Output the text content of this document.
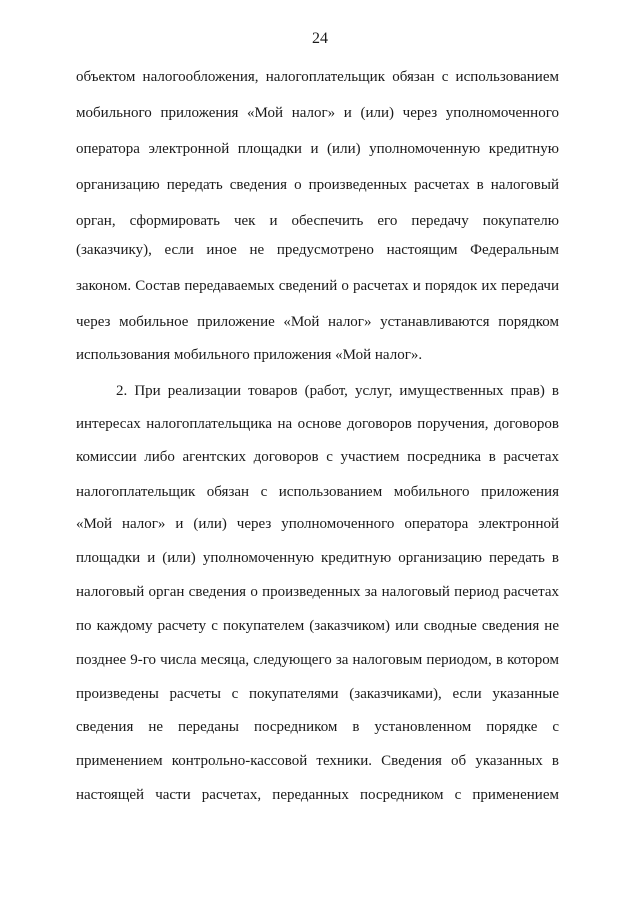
24
объектом налогообложения, налогоплательщик обязан с использованием
мобильного приложения «Мой налог» и (или) через уполномоченного
оператора электронной площадки и (или) уполномоченную кредитную
организацию передать сведения о произведенных расчетах в налоговый
орган, сформировать чек и обеспечить его передачу покупателю
(заказчику), если иное не предусмотрено настоящим Федеральным
законом. Состав передаваемых сведений о расчетах и порядок их передачи
через мобильное приложение «Мой налог» устанавливаются порядком
использования мобильного приложения «Мой налог».
2. При реализации товаров (работ, услуг, имущественных прав) в
интересах налогоплательщика на основе договоров поручения, договоров
комиссии либо агентских договоров с участием посредника в расчетах
налогоплательщик обязан с использованием мобильного приложения
«Мой налог» и (или) через уполномоченного оператора электронной
площадки и (или) уполномоченную кредитную организацию передать в
налоговый орган сведения о произведенных за налоговый период расчетах
по каждому расчету с покупателем (заказчиком) или сводные сведения не
позднее 9-го числа месяца, следующего за налоговым периодом, в котором
произведены расчеты с покупателями (заказчиками), если указанные
сведения не переданы посредником в установленном порядке с
применением контрольно-кассовой техники. Сведения об указанных в
настоящей части расчетах, переданных посредником с применением
